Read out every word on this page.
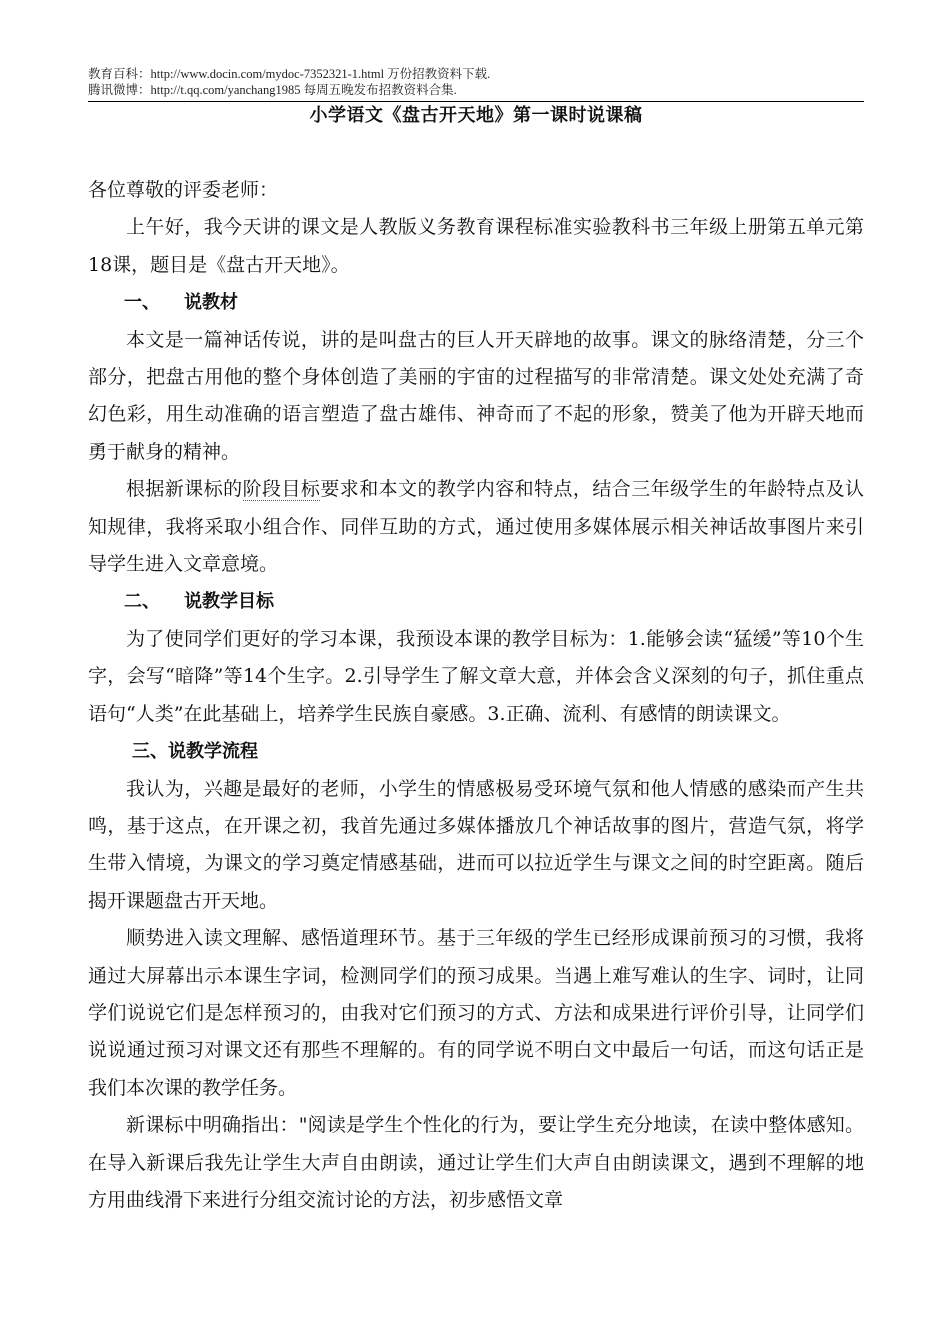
教育百科：http://www.docin.com/mydoc-7352321-1.html 万份招教资料下载.
腾讯微博：http://t.qq.com/yanchang1985 每周五晚发布招教资料合集.
小学语文《盘古开天地》第一课时说课稿

各位尊敬的评委老师：

上午好，我今天讲的课文是人教版义务教育课程标准实验教科书三年级上册第五单元第18课，题目是《盘古开天地》。

一、 说教材

本文是一篇神话传说，讲的是叫盘古的巨人开天辟地的故事。课文的脉络清楚，分三个部分，把盘古用他的整个身体创造了美丽的宇宙的过程描写的非常清楚。课文处处充满了奇幻色彩，用生动准确的语言塑造了盘古雄伟、神奇而了不起的形象，赞美了他为开辟天地而勇于献身的精神。

根据新课标的阶段目标要求和本文的教学内容和特点，结合三年级学生的年龄特点及认知规律，我将采取小组合作、同伴互助的方式，通过使用多媒体展示相关神话故事图片来引导学生进入文章意境。

二、 说教学目标

为了使同学们更好的学习本课，我预设本课的教学目标为：1.能够会读“猛缓”等10个生字，会写“暗降”等14个生字。2.引导学生了解文章大意，并体会含义深刻的句子，抓住重点语句“人类”在此基础上，培养学生民族自豪感。3.正确、流利、有感情的朗读课文。

三、说教学流程

我认为，兴趣是最好的老师，小学生的情感极易受环境气氛和他人情感的感染而产生共鸣，基于这点，在开课之初，我首先通过多媒体播放几个神话故事的图片，营造气氛，将学生带入情境，为课文的学习奠定情感基础，进而可以拉近学生与课文之间的时空距离。随后揭开课题盘古开天地。

顺势进入读文理解、感悟道理环节。基于三年级的学生已经形成课前预习的习惯，我将通过大屏幕出示本课生字词，检测同学们的预习成果。当遇上难写难认的生字、词时，让同学们说说它们是怎样预习的，由我对它们预习的方式、方法和成果进行评价引导，让同学们说说通过预习对课文还有那些不理解的。有的同学说不明白文中最后一句话，而这句话正是我们本次课的教学任务。

新课标中明确指出："阅读是学生个性化的行为，要让学生充分地读，在读中整体感知。在导入新课后我先让学生大声自由朗读，通过让学生们大声自由朗读课文，遇到不理解的地方用曲线滑下来进行分组交流讨论的方法，初步感悟文章
